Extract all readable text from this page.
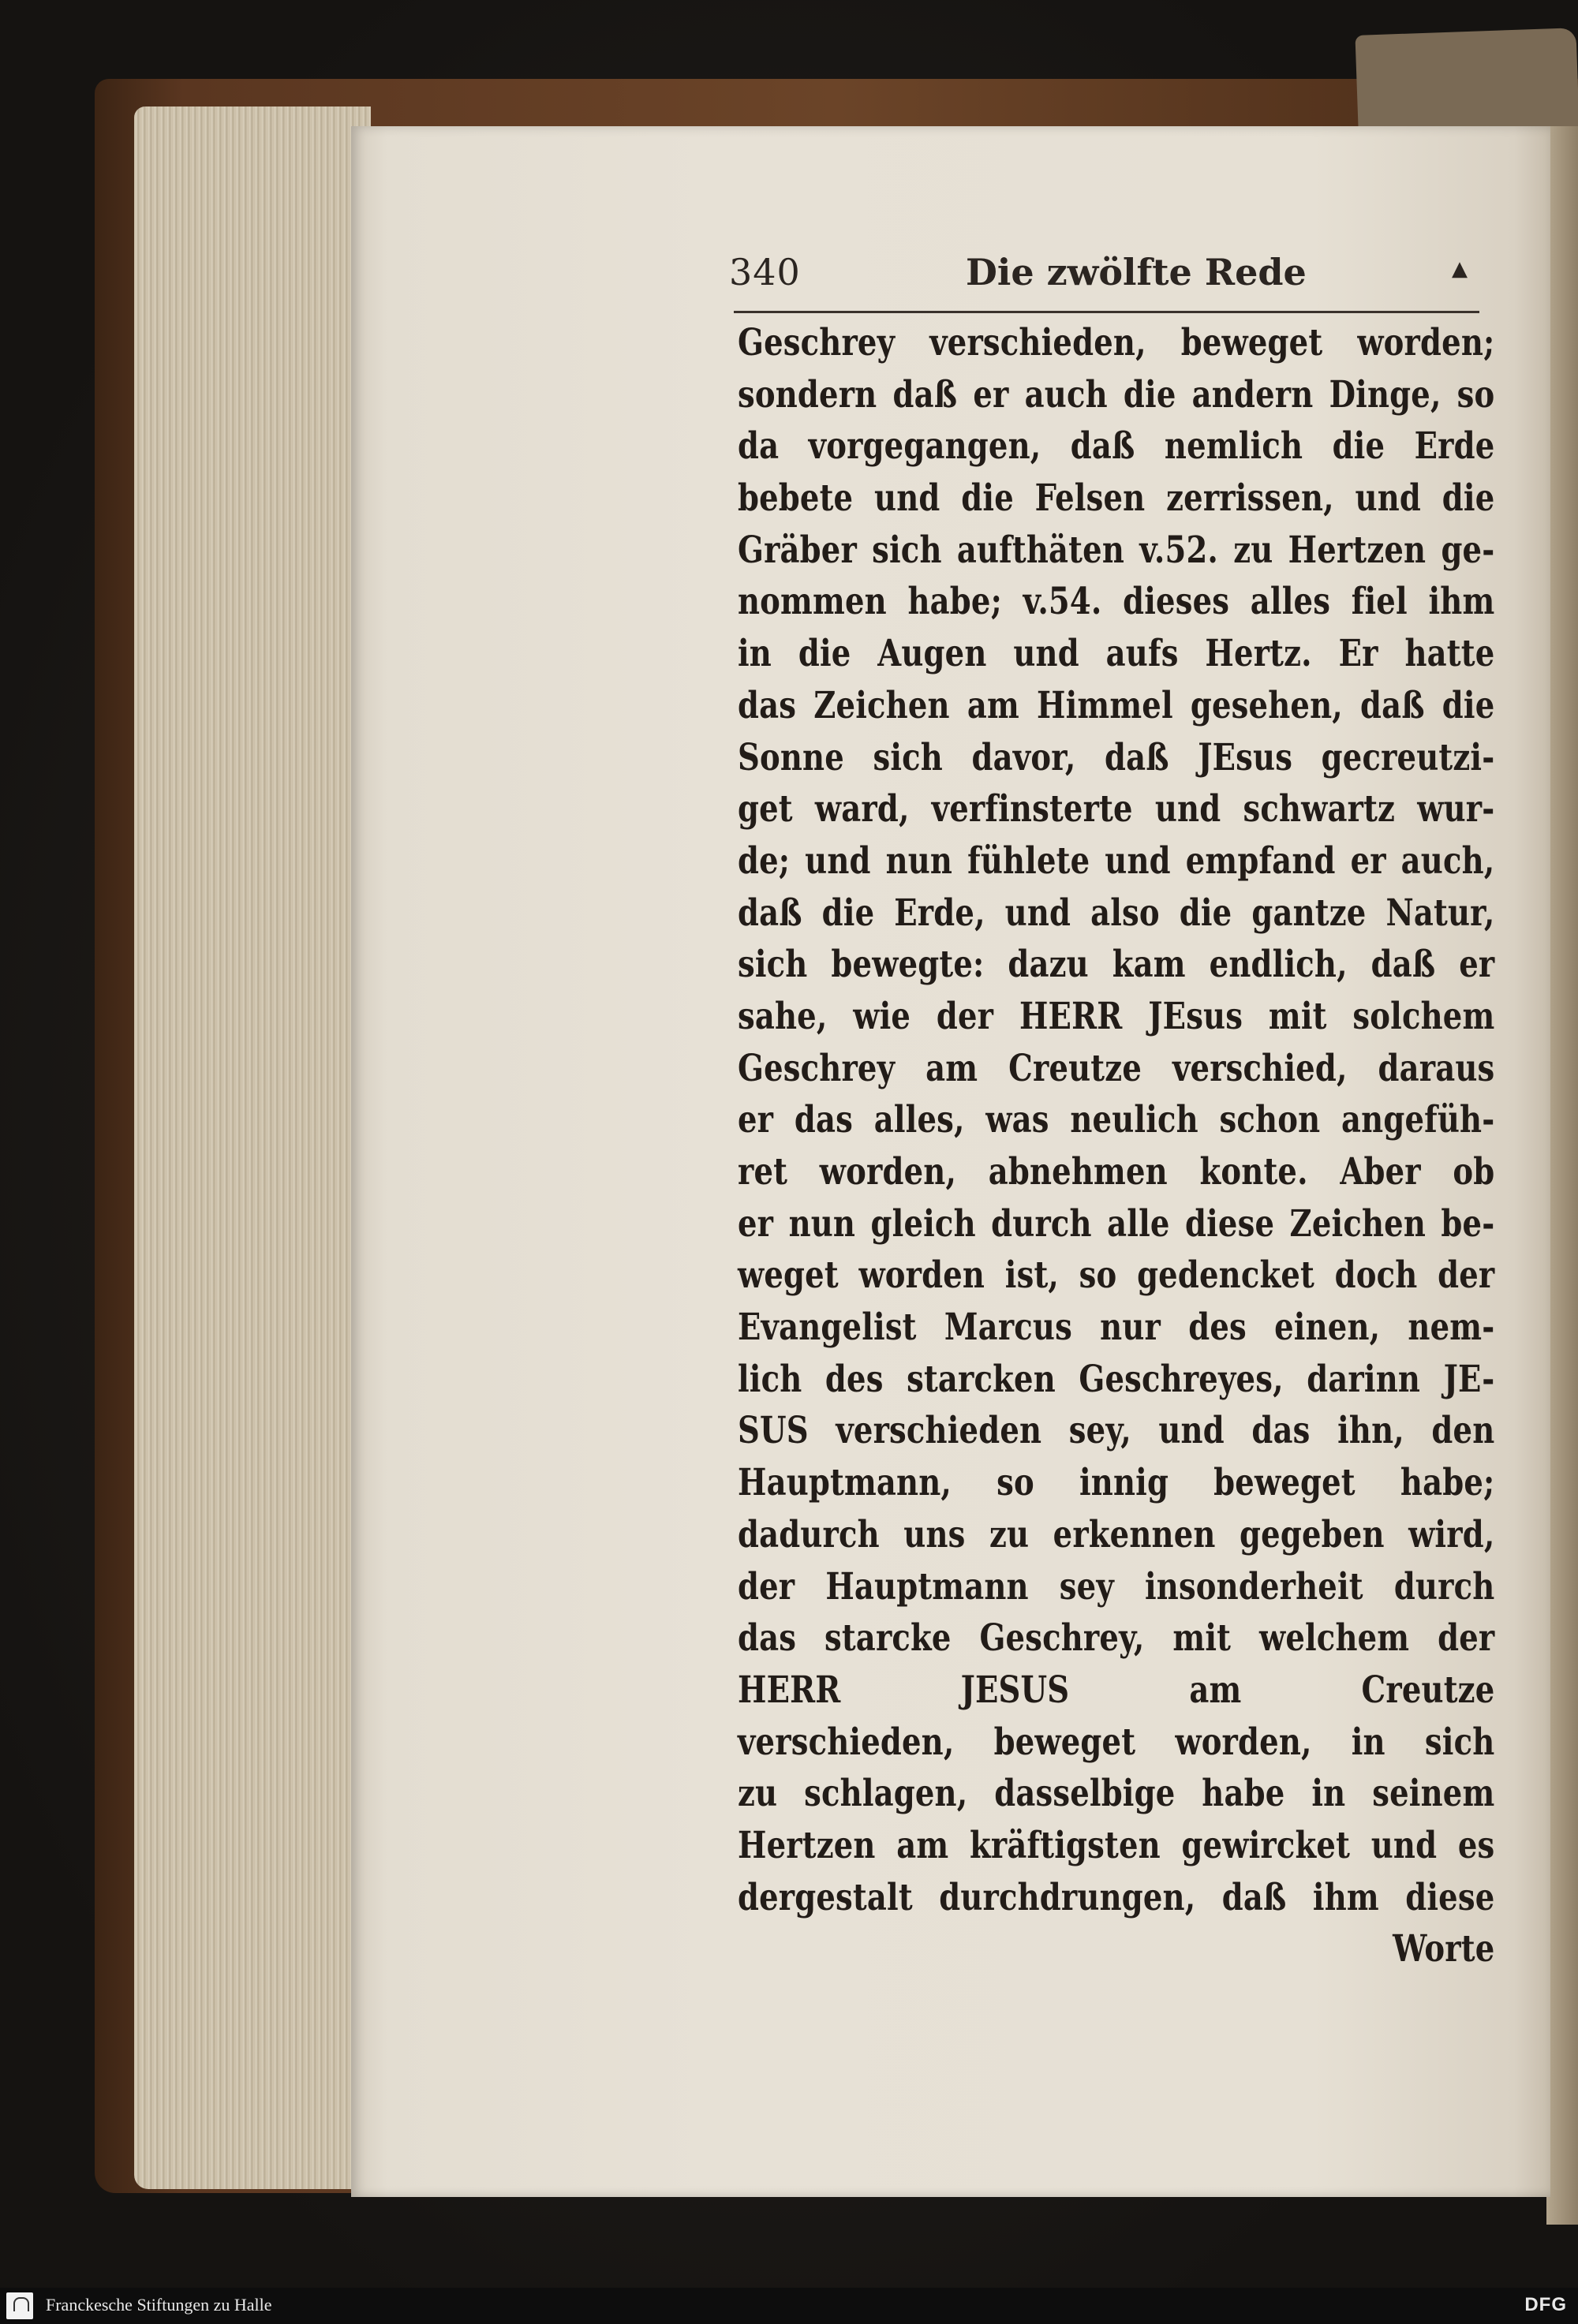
340	Die zwölfte Rede	▲
Geschrey verschieden, beweget worden;
sondern daß er auch die andern Dinge, so
da vorgegangen, daß nemlich die Erde
bebete und die Felsen zerrissen, und die
Gräber sich aufthäten v.52. zu Hertzen ge-
nommen habe; v.54. dieses alles fiel ihm
in die Augen und aufs Hertz. Er hatte
das Zeichen am Himmel gesehen, daß die
Sonne sich davor, daß JEsus gecreutzi-
get ward, verfinsterte und schwartz wur-
de; und nun fühlete und empfand er auch,
daß die Erde, und also die gantze Natur,
sich bewegte: dazu kam endlich, daß er
sahe, wie der HERR JEsus mit solchem
Geschrey am Creutze verschied, daraus
er das alles, was neulich schon angefüh-
ret worden, abnehmen konte. Aber ob
er nun gleich durch alle diese Zeichen be-
weget worden ist, so gedencket doch der
Evangelist Marcus nur des einen, nem-
lich des starcken Geschreyes, darinn JE-
SUS verschieden sey, und das ihn, den
Hauptmann, so innig beweget habe;
dadurch uns zu erkennen gegeben wird,
der Hauptmann sey insonderheit durch
das starcke Geschrey, mit welchem der
HERR JESUS am Creutze
verschieden, beweget worden, in sich
zu schlagen, dasselbige habe in seinem
Hertzen am kräftigsten gewircket und es
dergestalt durchdrungen, daß ihm diese
Worte
Franckesche Stiftungen zu Halle	DFG
